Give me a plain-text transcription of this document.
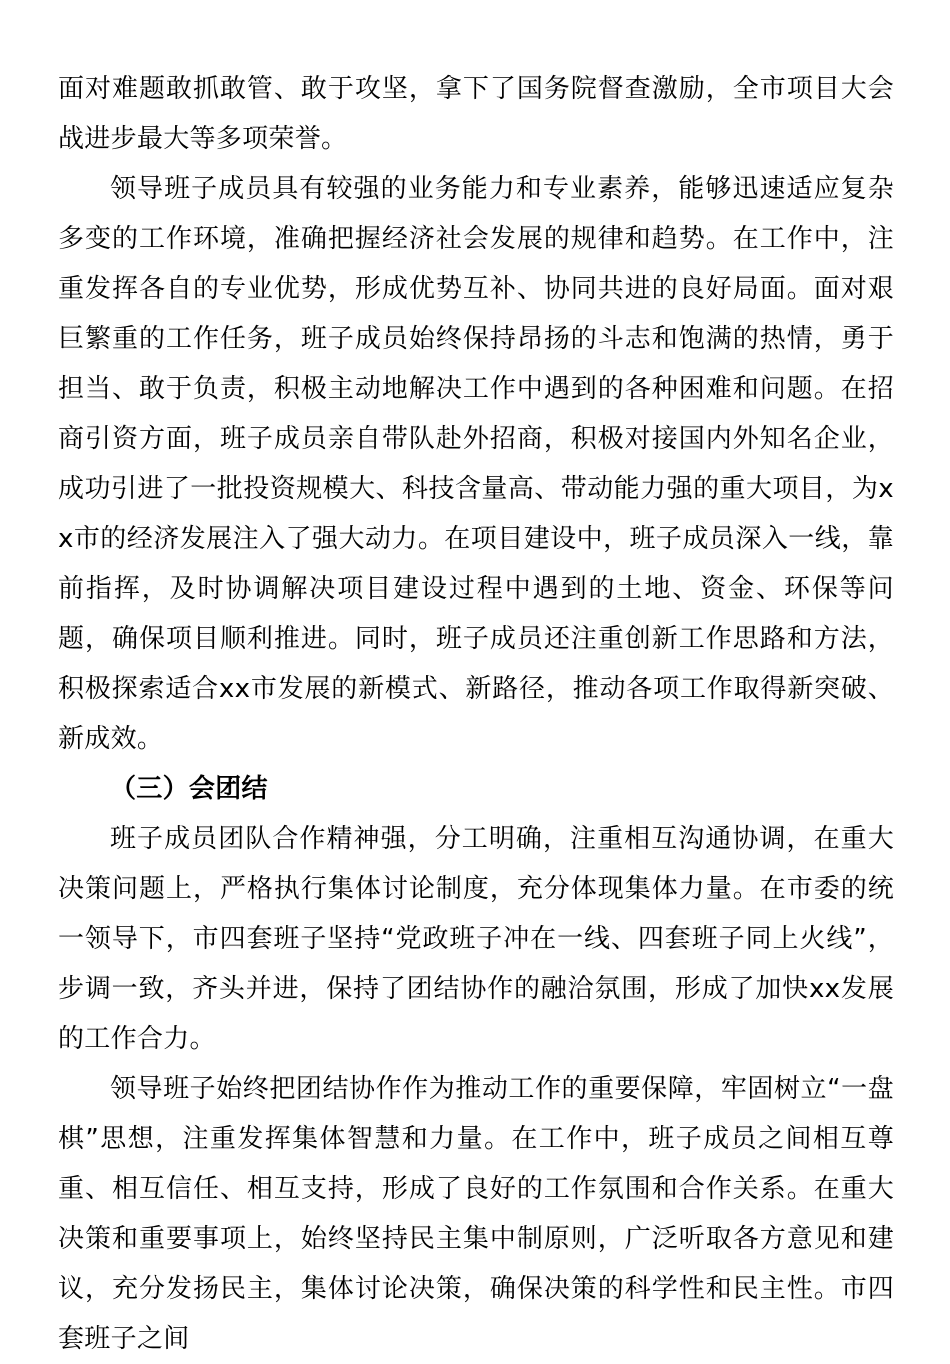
面对难题敢抓敢管、敢于攻坚，拿下了国务院督查激励，全市项目大会战进步最大等多项荣誉。

领导班子成员具有较强的业务能力和专业素养，能够迅速适应复杂多变的工作环境，准确把握经济社会发展的规律和趋势。在工作中，注重发挥各自的专业优势，形成优势互补、协同共进的良好局面。面对艰巨繁重的工作任务，班子成员始终保持昂扬的斗志和饱满的热情，勇于担当、敢于负责，积极主动地解决工作中遇到的各种困难和问题。在招商引资方面，班子成员亲自带队赴外招商，积极对接国内外知名企业，成功引进了一批投资规模大、科技含量高、带动能力强的重大项目，为xx市的经济发展注入了强大动力。在项目建设中，班子成员深入一线，靠前指挥，及时协调解决项目建设过程中遇到的土地、资金、环保等问题，确保项目顺利推进。同时，班子成员还注重创新工作思路和方法，积极探索适合xx市发展的新模式、新路径，推动各项工作取得新突破、新成效。

（三）会团结

班子成员团队合作精神强，分工明确，注重相互沟通协调，在重大决策问题上，严格执行集体讨论制度，充分体现集体力量。在市委的统一领导下，市四套班子坚持“党政班子冲在一线、四套班子同上火线”，步调一致，齐头并进，保持了团结协作的融洽氛围，形成了加快xx发展的工作合力。

领导班子始终把团结协作作为推动工作的重要保障，牢固树立“一盘棋”思想，注重发挥集体智慧和力量。在工作中，班子成员之间相互尊重、相互信任、相互支持，形成了良好的工作氛围和合作关系。在重大决策和重要事项上，始终坚持民主集中制原则，广泛听取各方意见和建议，充分发扬民主，集体讨论决策，确保决策的科学性和民主性。市四套班子之间
